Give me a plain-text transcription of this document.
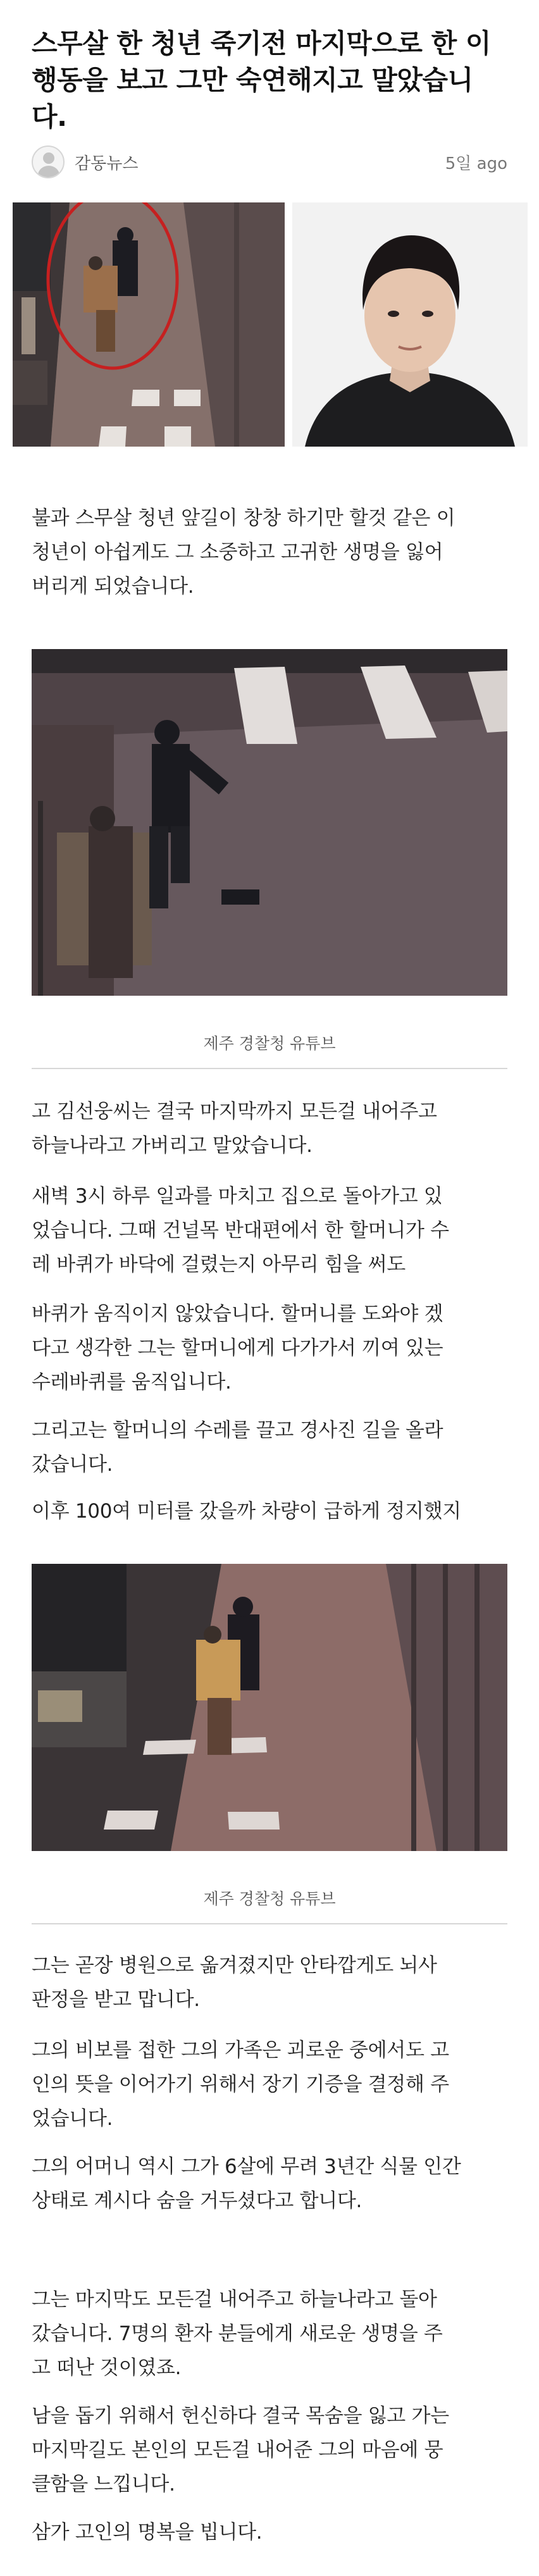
스무살 한 청년 죽기전 마지막으로 한 이
행동을 보고 그만 숙연해지고 말았습니
다.
감동뉴스	5일 ago
불과 스무살 청년 앞길이 창창 하기만 할것 같은 이
청년이 아쉽게도 그 소중하고 고귀한 생명을 잃어
버리게 되었습니다.
제주 경찰청 유튜브
고 김선웅씨는 결국 마지막까지 모든걸 내어주고
하늘나라고 가버리고 말았습니다.
새벽 3시 하루 일과를 마치고 집으로 돌아가고 있
었습니다. 그때 건널목 반대편에서 한 할머니가 수
레 바퀴가 바닥에 걸렸는지 아무리 힘을 써도
바퀴가 움직이지 않았습니다. 할머니를 도와야 겠
다고 생각한 그는 할머니에게 다가가서 끼여 있는
수레바퀴를 움직입니다.
그리고는 할머니의 수레를 끌고 경사진 길을 올라
갔습니다.
이후 100여 미터를 갔을까 차량이 급하게 정지했지
제주 경찰청 유튜브
그는 곧장 병원으로 옮겨졌지만 안타깝게도 뇌사
판정을 받고 맙니다.
그의 비보를 접한 그의 가족은 괴로운 중에서도 고
인의 뜻을 이어가기 위해서 장기 기증을 결정해 주
었습니다.
그의 어머니 역시 그가 6살에 무려 3년간 식물 인간
상태로 계시다 숨을 거두셨다고 합니다.
그는 마지막도 모든걸 내어주고 하늘나라고 돌아
갔습니다. 7명의 환자 분들에게 새로운 생명을 주
고 떠난 것이였죠.
남을 돕기 위해서 헌신하다 결국 목숨을 잃고 가는
마지막길도 본인의 모든걸 내어준 그의 마음에 뭉
클함을 느낍니다.
삼가 고인의 명복을 빕니다.
